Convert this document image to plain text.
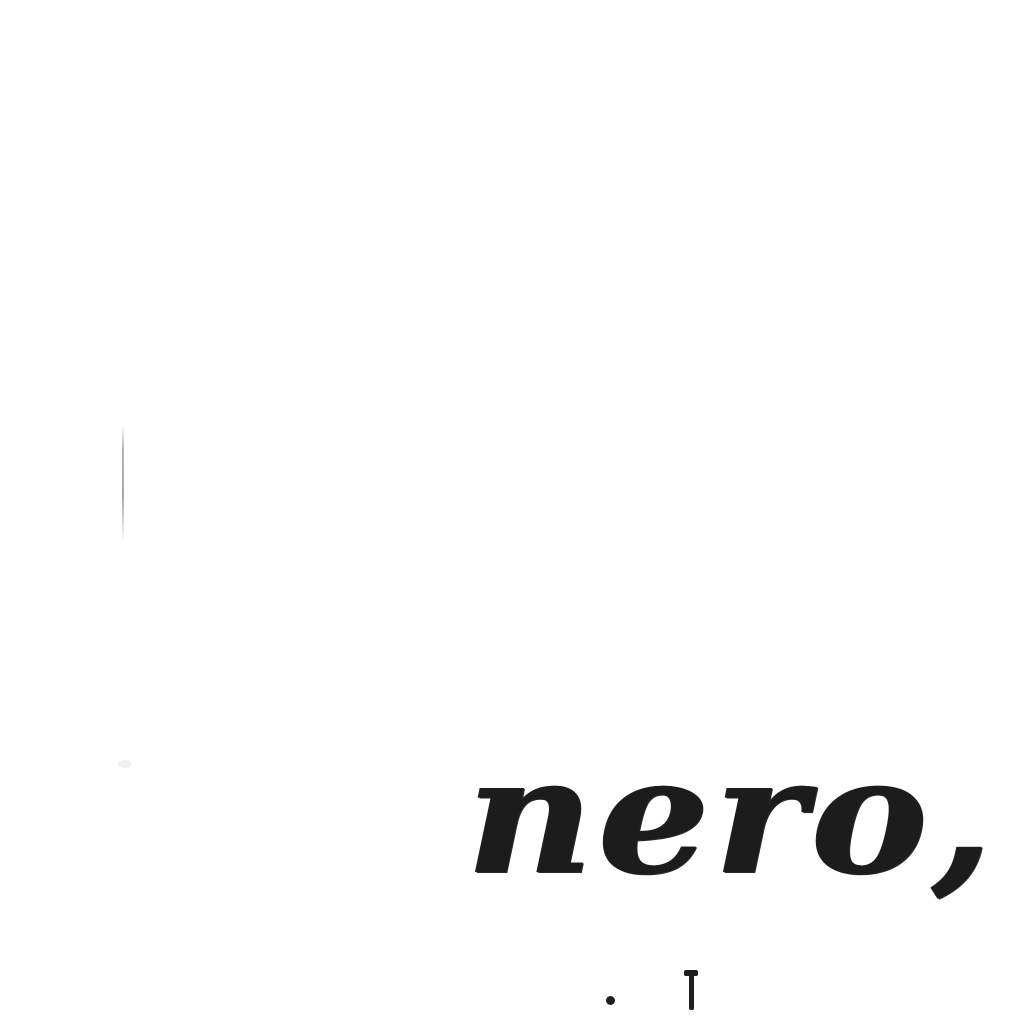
nero,
